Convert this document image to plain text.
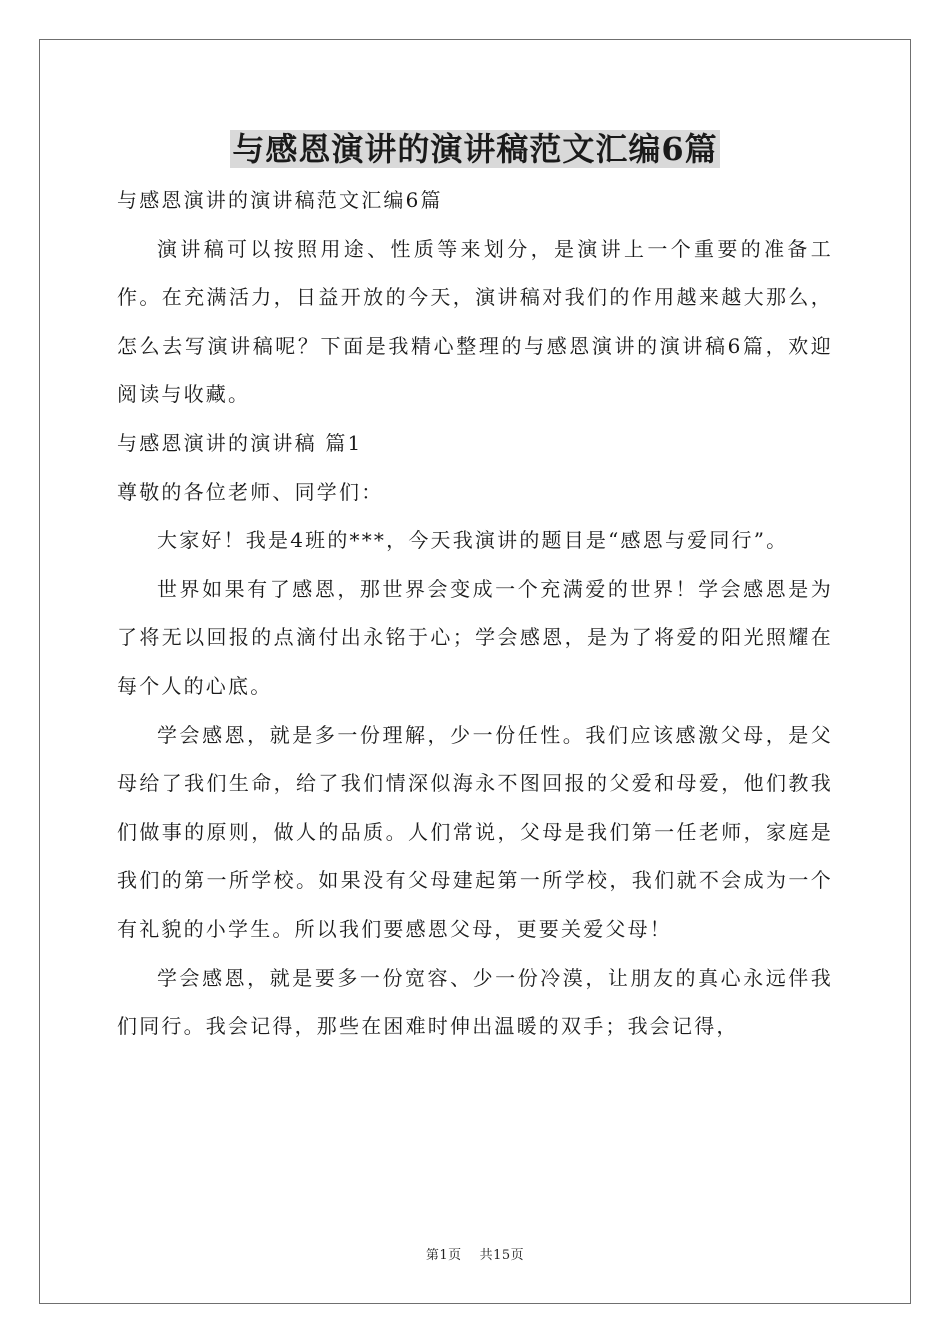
与感恩演讲的演讲稿范文汇编6篇

与感恩演讲的演讲稿范文汇编6篇

演讲稿可以按照用途、性质等来划分，是演讲上一个重要的准备工作。在充满活力，日益开放的今天，演讲稿对我们的作用越来越大那么，怎么去写演讲稿呢？下面是我精心整理的与感恩演讲的演讲稿6篇，欢迎阅读与收藏。

与感恩演讲的演讲稿 篇1

尊敬的各位老师、同学们：

大家好！我是4班的***，今天我演讲的题目是“感恩与爱同行”。

世界如果有了感恩，那世界会变成一个充满爱的世界！学会感恩是为了将无以回报的点滴付出永铭于心；学会感恩，是为了将爱的阳光照耀在每个人的心底。

学会感恩，就是多一份理解，少一份任性。我们应该感激父母，是父母给了我们生命，给了我们情深似海永不图回报的父爱和母爱，他们教我们做事的原则，做人的品质。人们常说，父母是我们第一任老师，家庭是我们的第一所学校。如果没有父母建起第一所学校，我们就不会成为一个有礼貌的小学生。所以我们要感恩父母，更要关爱父母！

学会感恩，就是要多一份宽容、少一份冷漠，让朋友的真心永远伴我们同行。我会记得，那些在困难时伸出温暖的双手；我会记得，

第1页 共15页
